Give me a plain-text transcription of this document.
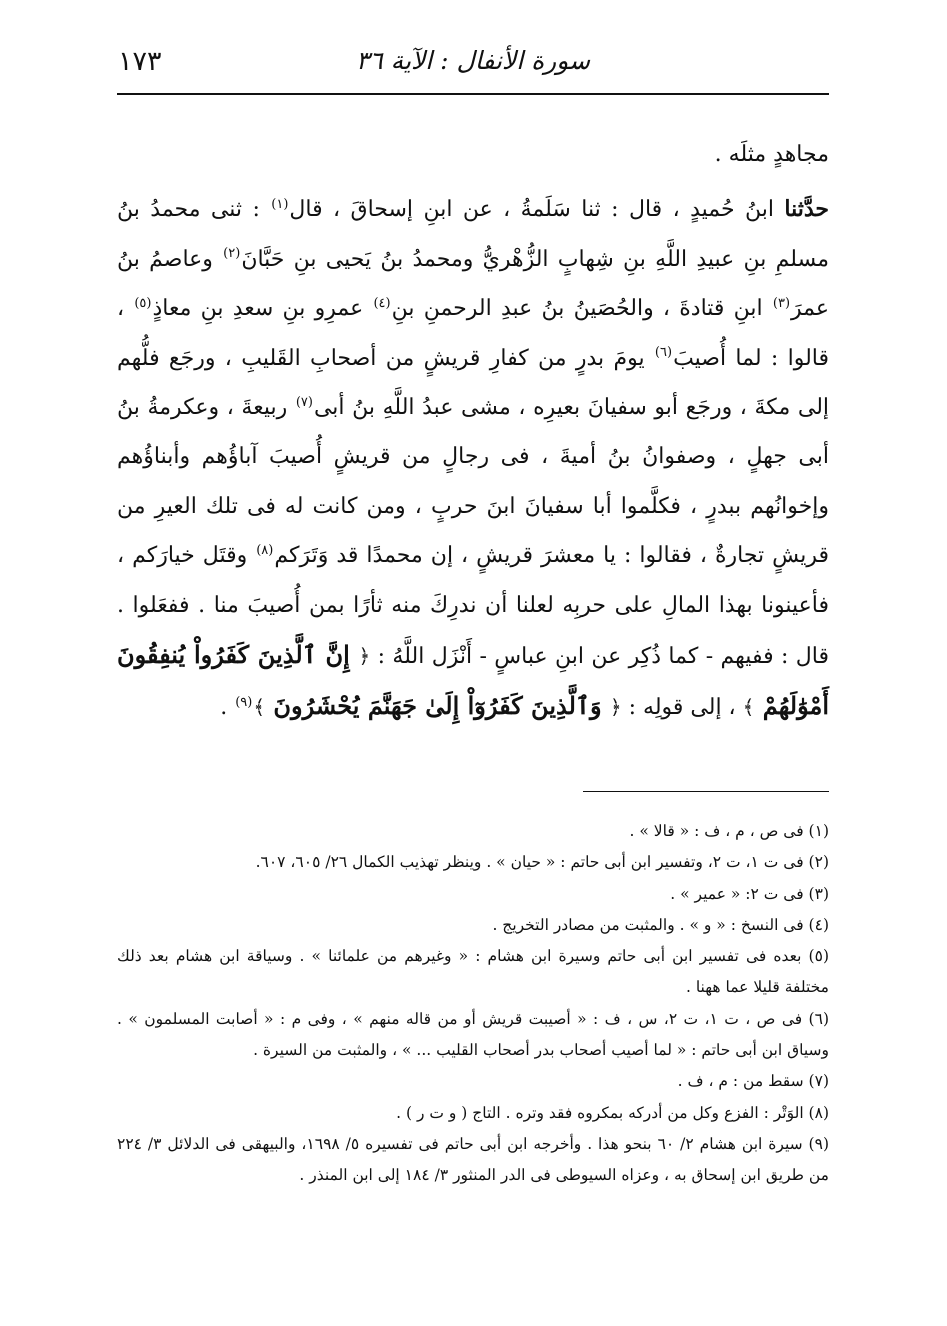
سورة الأنفال : الآية ٣٦
١٧٣

مجاهدٍ مثلَه .

حدَّثنا ابنُ حُميدٍ ، قال : ثنا سَلَمةُ ، عن ابنِ إسحاقَ ، قال$^{(١)}$ : ثنى محمدُ بنُ مسلمِ بنِ عبيدِ اللَّهِ بنِ شِهابٍ الزُّهْريُّ ومحمدُ بنُ يَحيى بنِ حَبَّانَ$^{(٢)}$ وعاصمُ بنُ عمرَ$^{(٣)}$ ابنِ قتادةَ ، والحُصَينُ بنُ عبدِ الرحمنِ بنِ$^{(٤)}$ عمرِو بنِ سعدِ بنِ معاذٍ$^{(٥)}$ ، قالوا : لما أُصيبَ$^{(٦)}$ يومَ بدرٍ من كفارِ قريشٍ من أصحابِ القَليبِ ، ورجَع فلُّهم إلى مكةَ ، ورجَع أبو سفيانَ بعيرِه ، مشى عبدُ اللَّهِ بنُ أبى$^{(٧)}$ ربيعةَ ، وعكرمةُ بنُ أبى جهلٍ ، وصفوانُ بنُ أميةَ ، فى رجالٍ من قريشٍ أُصيبَ آباؤُهم وأبناؤُهم وإخوانُهم ببدرٍ ، فكلَّموا أبا سفيانَ ابنَ حربٍ ، ومن كانت له فى تلك العيرِ من قريشٍ تجارةٌ ، فقالوا : يا معشرَ قريشٍ ، إن محمدًا قد وَتَرَكم$^{(٨)}$ وقتَل خيارَكم ، فأعينونا بهذا المالِ على حربِه لعلنا أن ندرِكَ منه ثأرًا بمن أُصيبَ منا . ففعَلوا . قال : ففيهم - كما ذُكِر عن ابنِ عباسٍ - أَنْزَل اللَّهُ : ﴿ إِنَّ ٱلَّذِينَ كَفَرُواْ يُنفِقُونَ أَمْوَٰلَهُمْ ﴾ ، إلى قولِه : ﴿ وَٱلَّذِينَ كَفَرُوٓاْ إِلَىٰ جَهَنَّمَ يُحْشَرُونَ ﴾$^{(٩)}$ .

(١) فى ص ، م ، ف : « قالا » .

(٢) فى ت ١، ت ٢، وتفسير ابن أبى حاتم : « حيان » . وينظر تهذيب الكمال ٢٦/ ٦٠٥، ٦٠٧.

(٣) فى ت ٢: « عمير » .

(٤) فى النسخ : « و » . والمثبت من مصادر التخريج .

(٥) بعده فى تفسير ابن أبى حاتم وسيرة ابن هشام : « وغيرهم من علمائنا » . وسياقة ابن هشام بعد ذلك مختلفة قليلا عما ههنا .

(٦) فى ص ، ت ١، ت ٢، س ، ف : « أصيبت قريش أو من قاله منهم » ، وفى م : « أصابت المسلمون » . وسياق ابن أبى حاتم : « لما أصيب أصحاب بدر أصحاب القليب ... » ، والمثبت من السيرة .

(٧) سقط من : م ، ف .

(٨) الوَتْر : الفزع وكل من أدركه بمكروه فقد وتره . التاج ( و ت ر ) .

(٩) سيرة ابن هشام ٢/ ٦٠ بنحو هذا . وأخرجه ابن أبى حاتم فى تفسيره ٥/ ١٦٩٨، والبيهقى فى الدلائل ٣/ ٢٢٤ من طريق ابن إسحاق به ، وعزاه السيوطى فى الدر المنثور ٣/ ١٨٤ إلى ابن المنذر .
